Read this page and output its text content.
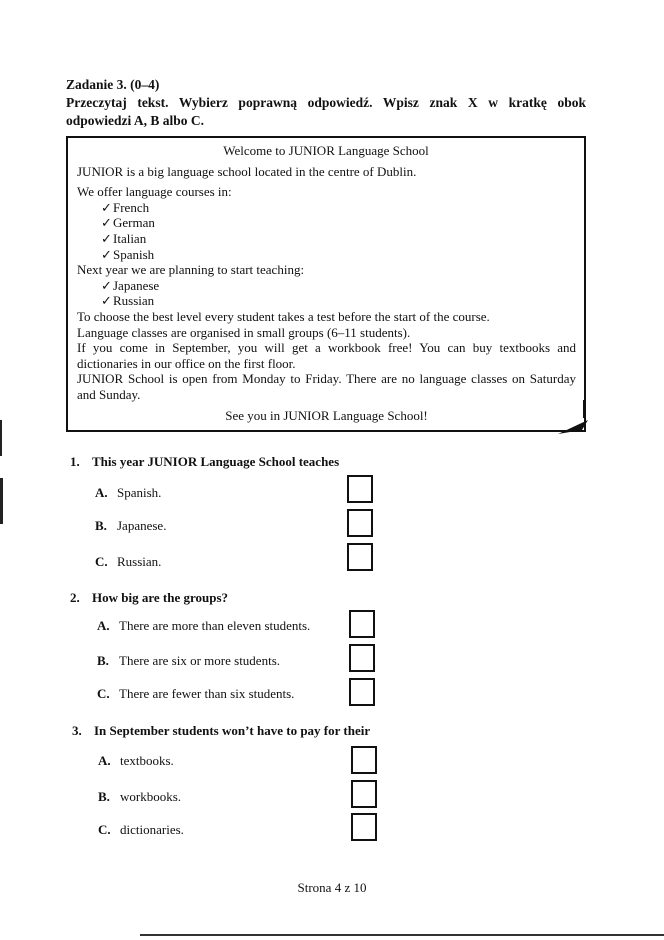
Zadanie 3. (0–4)
Przeczytaj tekst. Wybierz poprawną odpowiedź. Wpisz znak X w kratkę obok
odpowiedzi A, B albo C.
Welcome to JUNIOR Language School

JUNIOR is a big language school located in the centre of Dublin.

We offer language courses in:

✓French
✓German
✓Italian
✓Spanish

Next year we are planning to start teaching:

✓Japanese
✓Russian

To choose the best level every student takes a test before the start of the course.

Language classes are organised in small groups (6–11 students).

If you come in September, you will get a workbook free! You can buy textbooks and dictionaries in our office on the first floor.

JUNIOR School is open from Monday to Friday. There are no language classes on Saturday and Sunday.

See you in JUNIOR Language School!
1. This year JUNIOR Language School teaches
A. Spanish.
B. Japanese.
C. Russian.
2. How big are the groups?
A. There are more than eleven students.
B. There are six or more students.
C. There are fewer than six students.
3. In September students won’t have to pay for their
A. textbooks.
B. workbooks.
C. dictionaries.
Strona 4 z 10
